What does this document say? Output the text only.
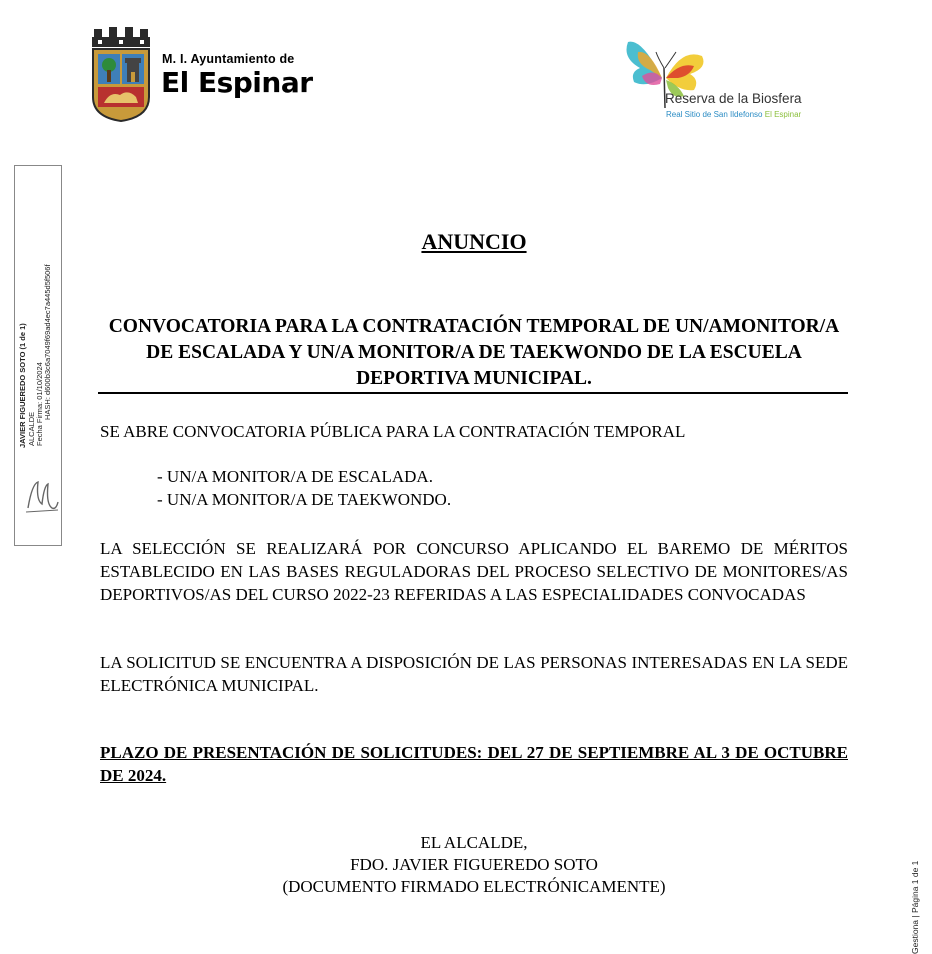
M. I. Ayuntamiento de
El Espinar	Reserva de la Biosfera
Real Sitio de San Ildefonso El Espinar
JAVIER FIGUEREDO SOTO (1 de 1) ALCALDE Fecha Firma: 01/10/2024 HASH: d600b3c6a7049f69ad4ec7a445d5f506f
ANUNCIO
CONVOCATORIA PARA LA CONTRATACIÓN TEMPORAL DE UN/AMONITOR/A DE ESCALADA Y UN/A MONITOR/A DE TAEKWONDO DE LA ESCUELA DEPORTIVA MUNICIPAL.
SE ABRE CONVOCATORIA PÚBLICA PARA LA CONTRATACIÓN TEMPORAL
- UN/A MONITOR/A DE ESCALADA.
- UN/A MONITOR/A DE TAEKWONDO.
LA SELECCIÓN SE REALIZARÁ POR CONCURSO APLICANDO EL BAREMO DE MÉRITOS ESTABLECIDO EN LAS BASES REGULADORAS DEL PROCESO SELECTIVO DE MONITORES/AS DEPORTIVOS/AS DEL CURSO 2022-23 REFERIDAS A LAS ESPECIALIDADES CONVOCADAS
LA SOLICITUD SE ENCUENTRA A DISPOSICIÓN DE LAS PERSONAS INTERESADAS EN LA SEDE ELECTRÓNICA MUNICIPAL.
PLAZO DE PRESENTACIÓN DE SOLICITUDES: DEL 27 DE SEPTIEMBRE AL 3 DE OCTUBRE DE 2024.
EL ALCALDE,
FDO. JAVIER FIGUEREDO SOTO
(DOCUMENTO FIRMADO ELECTRÓNICAMENTE)	Gestiona | Página 1 de 1
